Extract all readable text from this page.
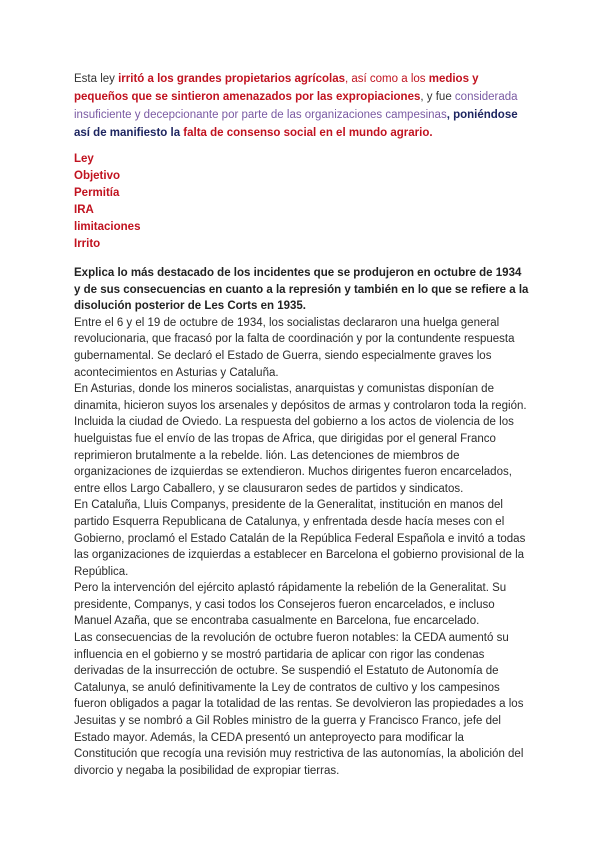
Esta ley irritó a los grandes propietarios agrícolas, así como a los medios y pequeños que se sintieron amenazados por las expropiaciones, y fue considerada insuficiente y decepcionante por parte de las organizaciones campesinas, poniéndose así de manifiesto la falta de consenso social en el mundo agrario.
Ley
Objetivo
Permitía
IRA
limitaciones
Irrito

Explica lo más destacado de los incidentes que se produjeron en octubre de 1934 y de sus consecuencias en cuanto a la represión y también en lo que se refiere a la disolución posterior de Les Corts en 1935.

Entre el 6 y el 19 de octubre de 1934, los socialistas declararon una huelga general revolucionaria, que fracasó por la falta de coordinación y por la contundente respuesta gubernamental. Se declaró el Estado de Guerra, siendo especialmente graves los acontecimientos en Asturias y Cataluña.

En Asturias, donde los mineros socialistas, anarquistas y comunistas disponían de dinamita, hicieron suyos los arsenales y depósitos de armas y controlaron toda la región. Incluida la ciudad de Oviedo. La respuesta del gobierno a los actos de violencia de los huelguistas fue el envío de las tropas de Africa, que dirigidas por el general Franco reprimieron brutalmente a la rebelde. lión. Las detenciones de miembros de organizaciones de izquierdas se extendieron. Muchos dirigentes fueron encarcelados, entre ellos Largo Caballero, y se clausuraron sedes de partidos y sindicatos.

En Cataluña, Lluis Companys, presidente de la Generalitat, institución en manos del partido Esquerra Republicana de Catalunya, y enfrentada desde hacía meses con el Gobierno, proclamó el Estado Catalán de la República Federal Española e invitó a todas las organizaciones de izquierdas a establecer en Barcelona el gobierno provisional de la República.

Pero la intervención del ejército aplastó rápidamente la rebelión de la Generalitat. Su presidente, Companys, y casi todos los Consejeros fueron encarcelados, e incluso Manuel Azaña, que se encontraba casualmente en Barcelona, fue encarcelado.

Las consecuencias de la revolución de octubre fueron notables: la CEDA aumentó su influencia en el gobierno y se mostró partidaria de aplicar con rigor las condenas derivadas de la insurrección de octubre. Se suspendió el Estatuto de Autonomía de Catalunya, se anuló definitivamente la Ley de contratos de cultivo y los campesinos fueron obligados a pagar la totalidad de las rentas. Se devolvieron las propiedades a los Jesuitas y se nombró a Gil Robles ministro de la guerra y Francisco Franco, jefe del Estado mayor. Además, la CEDA presentó un anteproyecto para modificar la Constitución que recogía una revisión muy restrictiva de las autonomías, la abolición del divorcio y negaba la posibilidad de expropiar tierras.
